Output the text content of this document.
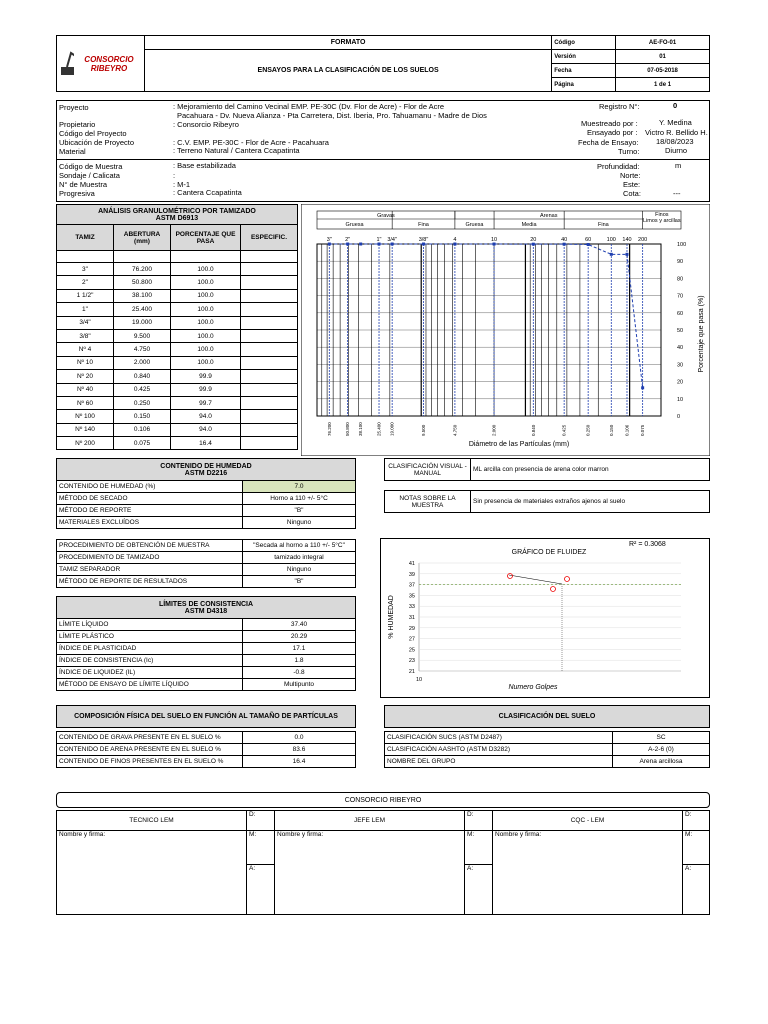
CONSORCIO RIBEYRO	FORMATO	Código	AE-FO-01
	ENSAYOS PARA LA CLASIFICACIÓN DE LOS SUELOS	Versión	01
		Fecha	07-05-2018
		Página	1 de 1
Proyecto	: Mejoramiento del Camino Vecinal EMP. PE-30C (Dv. Flor de Acre) - Flor de Acre
Pacahuara - Dv. Nueva Alianza - Pta Carretera, Dist. Iberia, Pro. Tahuamanu - Madre de Dios
Propietario	: Consorcio Ribeyro
Código del Proyecto
Ubicación de Proyecto	: C.V. EMP. PE-30C - Flor de Acre - Pacahuara
Material	: Terreno Natural / Cantera Ccapatinta
Registro N°:	0
Muestreado por :	Y. Medina
Ensayado por : Victro R. Bellido H.
Fecha de Ensayo: 18/08/2023
Turno:	Diurno
Código de Muestra	: Base estabilizada
Sondaje / Calicata	:
N° de Muestra	: M-1
Progresiva	: Cantera Ccapatinta
Profundidad:	m
Norte:
Este:
Cota:	---
ANÁLISIS GRANULOMÉTRICO POR TAMIZADO
ASTM D6913			

TAMIZ	ABERTURA (mm)	PORCENTAJE QUE PASA	ESPECIFIC.

3"	76.200	100.0	
2"	50.800	100.0	
1 1/2"	38.100	100.0	
1"	25.400	100.0	
3/4"	19.000	100.0	
3/8"	9.500	100.0	
Nº 4	4.750	100.0	
Nº 10	2.000	100.0	
Nº 20	0.840	99.9	
Nº 40	0.425	99.9	
Nº 60	0.250	99.7	
Nº 100	0.150	94.0	
Nº 140	0.106	94.0	
Nº 200	0.075	16.4	
Gravas	Arenas	Finos
Limos y arcillas
Gruesa	Fina	Gruesa	Media	Fina
3" 2"	1" 3/4"	3/8"	4	10	20	40	60	100 140 200
0
10
20
30
40
50
60
70
80
90
100
Porcentaje que pasa (%)
76.200	50.800 38.100	25.400 19.000	9.500	4.750	2.000	0.840	0.425	0.250	0.150 0.106 0.075
Diámetro de las Partículas (mm)
CONTENIDO DE HUMEDAD
ASTM D2216	

CONTENIDO DE HUMEDAD (%)	7.0
MÉTODO DE SECADO	Horno a 110 +/- 5°C
MÉTODO DE REPORTE	"B"
MATERIALES EXCLUÍDOS	Ninguno
CLASIFICACIÓN VISUAL - MANUAL	ML arcilla con presencia de arena color marron

NOTAS SOBRE LA MUESTRA	Sin presencia de materiales extraños ajenos al suelo
PROCEDIMIENTO DE OBTENCIÓN DE MUESTRA	"Secada al horno a 110 +/- 5°C"
PROCEDIMIENTO DE TAMIZADO	tamizado integral
TAMIZ SEPARADOR	Ninguno
MÉTODO DE REPORTE DE RESULTADOS	"B"
LÍMITES DE CONSISTENCIA
ASTM D4318	

LÍMITE LÍQUIDO	37.40
LÍMITE PLÁSTICO	20.29
ÍNDICE DE PLASTICIDAD	17.1
ÍNDICE DE CONSISTENCIA (Ic)	1.8
ÍNDICE DE LIQUIDEZ (IL)	-0.8
MÉTODO DE ENSAYO DE LÍMITE LÍQUIDO	Multipunto
GRÁFICO DE FLUIDEZ
R² = 0.3068
21
23
25
27
29
31
33
35
37
39
41
10
% HUMEDAD
Numero Golpes
COMPOSICIÓN FÍSICA DEL SUELO EN FUNCIÓN AL TAMAÑO DE PARTÍCULAS	

CONTENIDO DE GRAVA PRESENTE EN EL SUELO %	0.0
CONTENIDO DE ARENA PRESENTE EN EL SUELO %	83.6
CONTENIDO DE FINOS PRESENTES EN EL SUELO %	16.4
CLASIFICACIÓN DEL SUELO	

CLASIFICACIÓN SUCS (ASTM D2487)	SC
CLASIFICACIÓN AASHTO (ASTM D3282)	A-2-6 (0)
NOMBRE DEL GRUPO	Arena arcillosa
CONSORCIO RIBEYRO
TECNICO LEM	D:	JEFE LEM	D:	CQC - LEM	D:
Nombre y firma:	M:	Nombre y firma:	M:	Nombre y firma:	M:
	A:		A:		A:
